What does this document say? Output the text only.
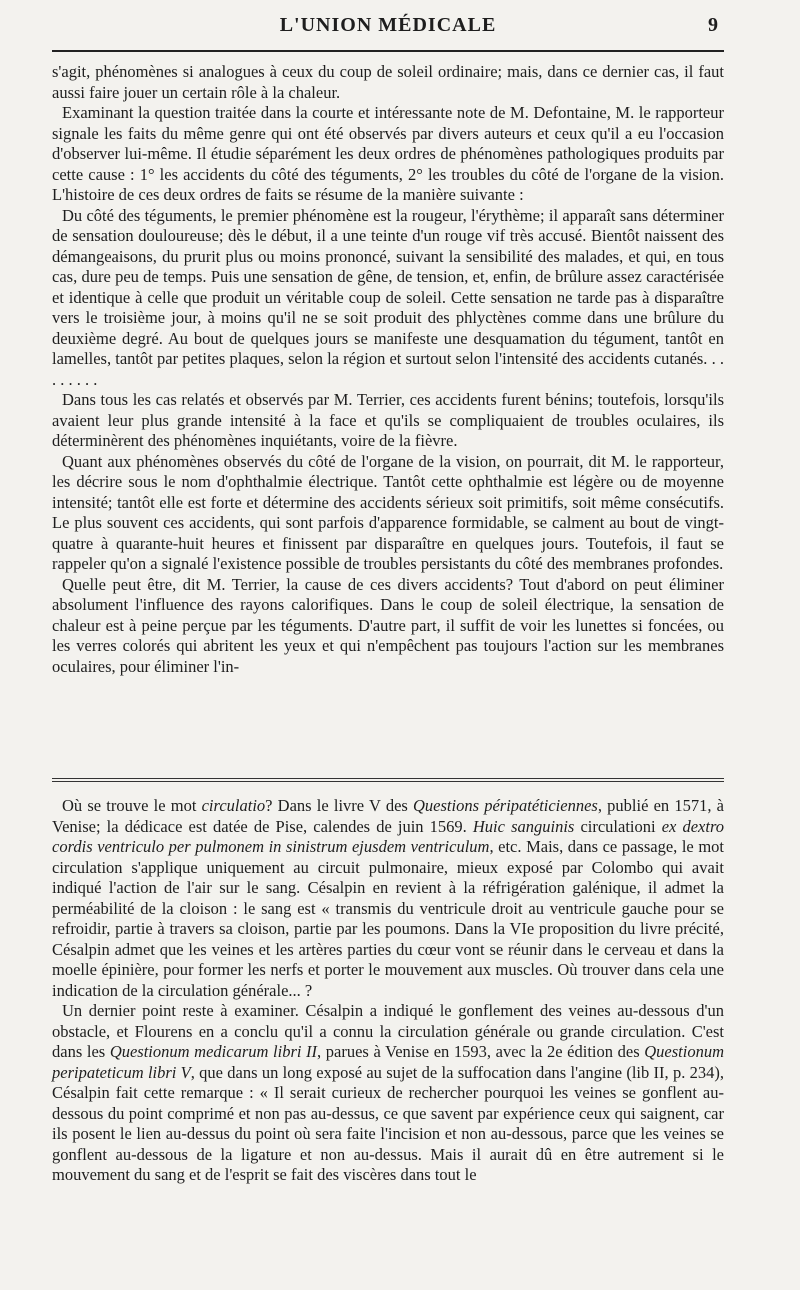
L'UNION MÉDICALE	9

s'agit, phénomènes si analogues à ceux du coup de soleil ordinaire; mais, dans ce dernier cas, il faut aussi faire jouer un certain rôle à la chaleur.

Examinant la question traitée dans la courte et intéressante note de M. Defontaine, M. le rapporteur signale les faits du même genre qui ont été observés par divers auteurs et ceux qu'il a eu l'occasion d'observer lui-même. Il étudie séparément les deux ordres de phénomènes pathologiques produits par cette cause : 1° les accidents du côté des téguments, 2° les troubles du côté de l'organe de la vision. L'histoire de ces deux ordres de faits se résume de la manière suivante :

Du côté des téguments, le premier phénomène est la rougeur, l'érythème; il apparaît sans déterminer de sensation douloureuse; dès le début, il a une teinte d'un rouge vif très accusé. Bientôt naissent des démangeaisons, du prurit plus ou moins prononcé, suivant la sensibilité des malades, et qui, en tous cas, dure peu de temps. Puis une sensation de gêne, de tension, et, enfin, de brûlure assez caractérisée et identique à celle que produit un véritable coup de soleil. Cette sensation ne tarde pas à disparaître vers le troisième jour, à moins qu'il ne se soit produit des phlyctènes comme dans une brûlure du deuxième degré. Au bout de quelques jours se manifeste une desquamation du tégument, tantôt en lamelles, tantôt par petites plaques, selon la région et surtout selon l'intensité des accidents cutanés. . . . . . . . .

Dans tous les cas relatés et observés par M. Terrier, ces accidents furent bénins; toutefois, lorsqu'ils avaient leur plus grande intensité à la face et qu'ils se compliquaient de troubles oculaires, ils déterminèrent des phénomènes inquiétants, voire de la fièvre.

Quant aux phénomènes observés du côté de l'organe de la vision, on pourrait, dit M. le rapporteur, les décrire sous le nom d'ophthalmie électrique. Tantôt cette ophthalmie est légère ou de moyenne intensité; tantôt elle est forte et détermine des accidents sérieux soit primitifs, soit même consécutifs. Le plus souvent ces accidents, qui sont parfois d'apparence formidable, se calment au bout de vingt-quatre à quarante-huit heures et finissent par disparaître en quelques jours. Toutefois, il faut se rappeler qu'on a signalé l'existence possible de troubles persistants du côté des membranes profondes.

Quelle peut être, dit M. Terrier, la cause de ces divers accidents? Tout d'abord on peut éliminer absolument l'influence des rayons calorifiques. Dans le coup de soleil électrique, la sensation de chaleur est à peine perçue par les téguments. D'autre part, il suffit de voir les lunettes si foncées, ou les verres colorés qui abritent les yeux et qui n'empêchent pas toujours l'action sur les membranes oculaires, pour éliminer l'in-

Où se trouve le mot circulatio? Dans le livre V des Questions péripatéticiennes, publié en 1571, à Venise; la dédicace est datée de Pise, calendes de juin 1569. Huic sanguinis circulationi ex dextro cordis ventriculo per pulmonem in sinistrum ejusdem ventriculum, etc. Mais, dans ce passage, le mot circulation s'applique uniquement au circuit pulmonaire, mieux exposé par Colombo qui avait indiqué l'action de l'air sur le sang. Césalpin en revient à la réfrigération galénique, il admet la perméabilité de la cloison : le sang est « transmis du ventricule droit au ventricule gauche pour se refroidir, partie à travers sa cloison, partie par les poumons. Dans la VIe proposition du livre précité, Césalpin admet que les veines et les artères parties du cœur vont se réunir dans le cerveau et dans la moelle épinière, pour former les nerfs et porter le mouvement aux muscles. Où trouver dans cela une indication de la circulation générale... ?

Un dernier point reste à examiner. Césalpin a indiqué le gonflement des veines au-dessous d'un obstacle, et Flourens en a conclu qu'il a connu la circulation générale ou grande circulation. C'est dans les Questionum medicarum libri II, parues à Venise en 1593, avec la 2e édition des Questionum peripateticum libri V, que dans un long exposé au sujet de la suffocation dans l'angine (lib II, p. 234), Césalpin fait cette remarque : « Il serait curieux de rechercher pourquoi les veines se gonflent au-dessous du point comprimé et non pas au-dessus, ce que savent par expérience ceux qui saignent, car ils posent le lien au-dessus du point où sera faite l'incision et non au-dessous, parce que les veines se gonflent au-dessous de la ligature et non au-dessus. Mais il aurait dû en être autrement si le mouvement du sang et de l'esprit se fait des viscères dans tout le
